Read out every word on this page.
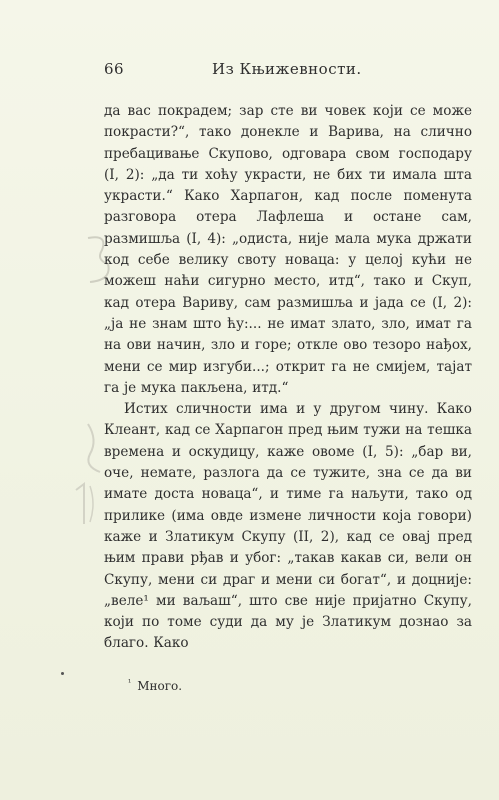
66	Из Књижевности.

да вас покрадем; зар сте ви човек који се може покрасти?“, тако донекле и Варива, на слично пребацивање Скупово, одговара свом господару (I, 2): „да ти хоћу украсти, не бих ти имала шта украсти.“ Како Харпагон, кад после поменута разговора отера Лафлеша и остане сам, размишља (I, 4): „одиста, није мала мука држати код себе велику своту новаца: у целој кући не можеш наћи сигурно место, итд“, тако и Скуп, кад отера Вариву, сам размишља и јада се (I, 2): „ја не знам што ћу:... не имат злато, зло, имат га на ови начин, зло и горе; откле ово тезоро нађох, мени се мир изгуби...; открит га не смијем, тајат га је мука пакљена, итд.“

Истих сличности има и у другом чину. Како Клеант, кад се Харпагон пред њим тужи на тешка времена и оскудицу, каже овоме (I, 5): „бар ви, оче, немате, разлога да се тужите, зна се да ви имате доста новаца“, и тиме га наљути, тако од прилике (има овде измене личности која говори) каже и Златикум Скупу (II, 2), кад се овај пред њим прави рђав и убог: „такав какав си, вели он Скупу, мени си драг и мени си богат“, и доцније: „веле¹ ми ваљаш“, што све није пријатно Скупу, који по томе суди да му је Златикум дознао за благо. Како

$^{^1}$ Много.
